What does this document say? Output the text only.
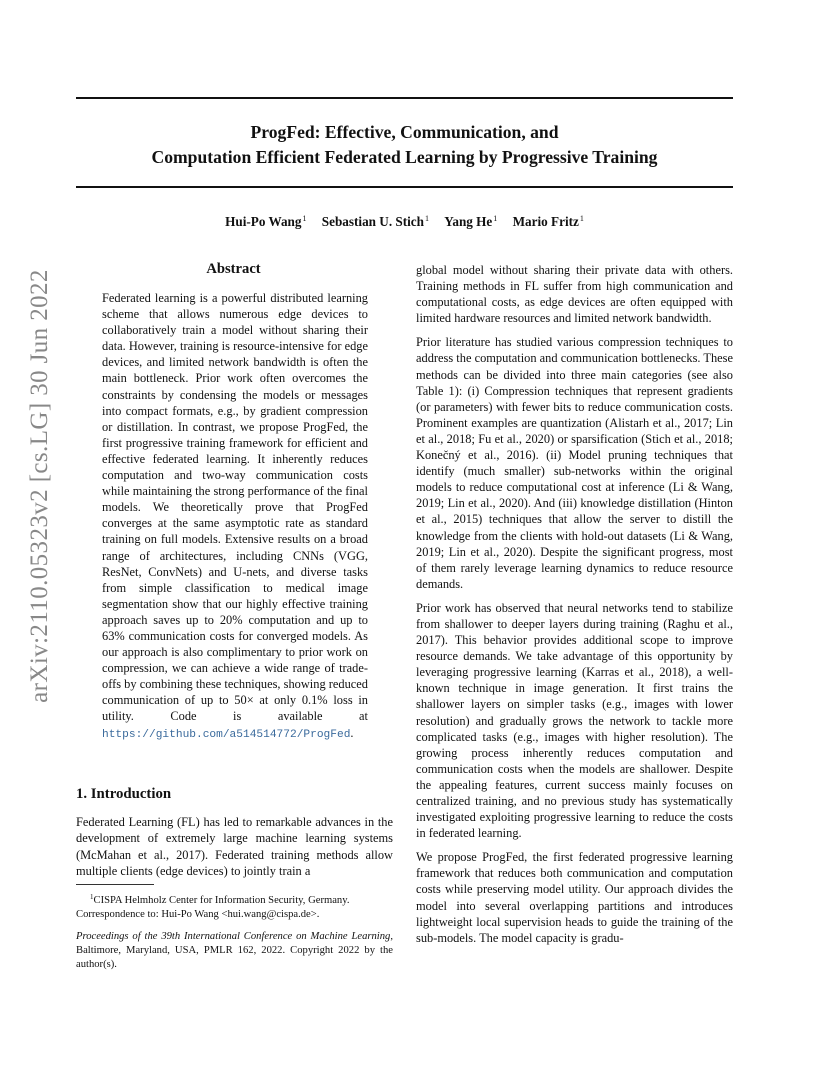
ProgFed: Effective, Communication, and
Computation Efficient Federated Learning by Progressive Training
Hui-Po Wang$^1$ Sebastian U. Stich$^1$ Yang He$^1$ Mario Fritz$^1$
arXiv:2110.05323v2 [cs.LG] 30 Jun 2022
Abstract
Federated learning is a powerful distributed learning scheme that allows numerous edge devices to collaboratively train a model without sharing their data. However, training is resource-intensive for edge devices, and limited network bandwidth is often the main bottleneck. Prior work often overcomes the constraints by condensing the models or messages into compact formats, e.g., by gradient compression or distillation. In contrast, we propose ProgFed, the first progressive training framework for efficient and effective federated learning. It inherently reduces computation and two-way communication costs while maintaining the strong performance of the final models. We theoretically prove that ProgFed converges at the same asymptotic rate as standard training on full models. Extensive results on a broad range of architectures, including CNNs (VGG, ResNet, ConvNets) and U-nets, and diverse tasks from simple classification to medical image segmentation show that our highly effective training approach saves up to 20% computation and up to 63% communication costs for converged models. As our approach is also complimentary to prior work on compression, we can achieve a wide range of trade-offs by combining these techniques, showing reduced communication of up to 50× at only 0.1% loss in utility. Code is available at https://github.com/a514514772/ProgFed.
1. Introduction
Federated Learning (FL) has led to remarkable advances in the development of extremely large machine learning systems (McMahan et al., 2017). Federated training methods allow multiple clients (edge devices) to jointly train a
$^1$CISPA Helmholz Center for Information Security, Germany. Correspondence to: Hui-Po Wang <hui.wang@cispa.de>.
Proceedings of the 39th International Conference on Machine Learning, Baltimore, Maryland, USA, PMLR 162, 2022. Copyright 2022 by the author(s).

global model without sharing their private data with others. Training methods in FL suffer from high communication and computational costs, as edge devices are often equipped with limited hardware resources and limited network bandwidth.

Prior literature has studied various compression techniques to address the computation and communication bottlenecks. These methods can be divided into three main categories (see also Table 1): (i) Compression techniques that represent gradients (or parameters) with fewer bits to reduce communication costs. Prominent examples are quantization (Alistarh et al., 2017; Lin et al., 2018; Fu et al., 2020) or sparsification (Stich et al., 2018; Konečný et al., 2016). (ii) Model pruning techniques that identify (much smaller) sub-networks within the original models to reduce computational cost at inference (Li & Wang, 2019; Lin et al., 2020). And (iii) knowledge distillation (Hinton et al., 2015) techniques that allow the server to distill the knowledge from the clients with hold-out datasets (Li & Wang, 2019; Lin et al., 2020). Despite the significant progress, most of them rarely leverage learning dynamics to reduce resource demands.

Prior work has observed that neural networks tend to stabilize from shallower to deeper layers during training (Raghu et al., 2017). This behavior provides additional scope to improve resource demands. We take advantage of this opportunity by leveraging progressive learning (Karras et al., 2018), a well-known technique in image generation. It first trains the shallower layers on simpler tasks (e.g., images with lower resolution) and gradually grows the network to tackle more complicated tasks (e.g., images with higher resolution). The growing process inherently reduces computation and communication costs when the models are shallower. Despite the appealing features, current success mainly focuses on centralized training, and no previous study has systematically investigated exploiting progressive learning to reduce the costs in federated learning.

We propose ProgFed, the first federated progressive learning framework that reduces both communication and computation costs while preserving model utility. Our approach divides the model into several overlapping partitions and introduces lightweight local supervision heads to guide the training of the sub-models. The model capacity is gradu-
